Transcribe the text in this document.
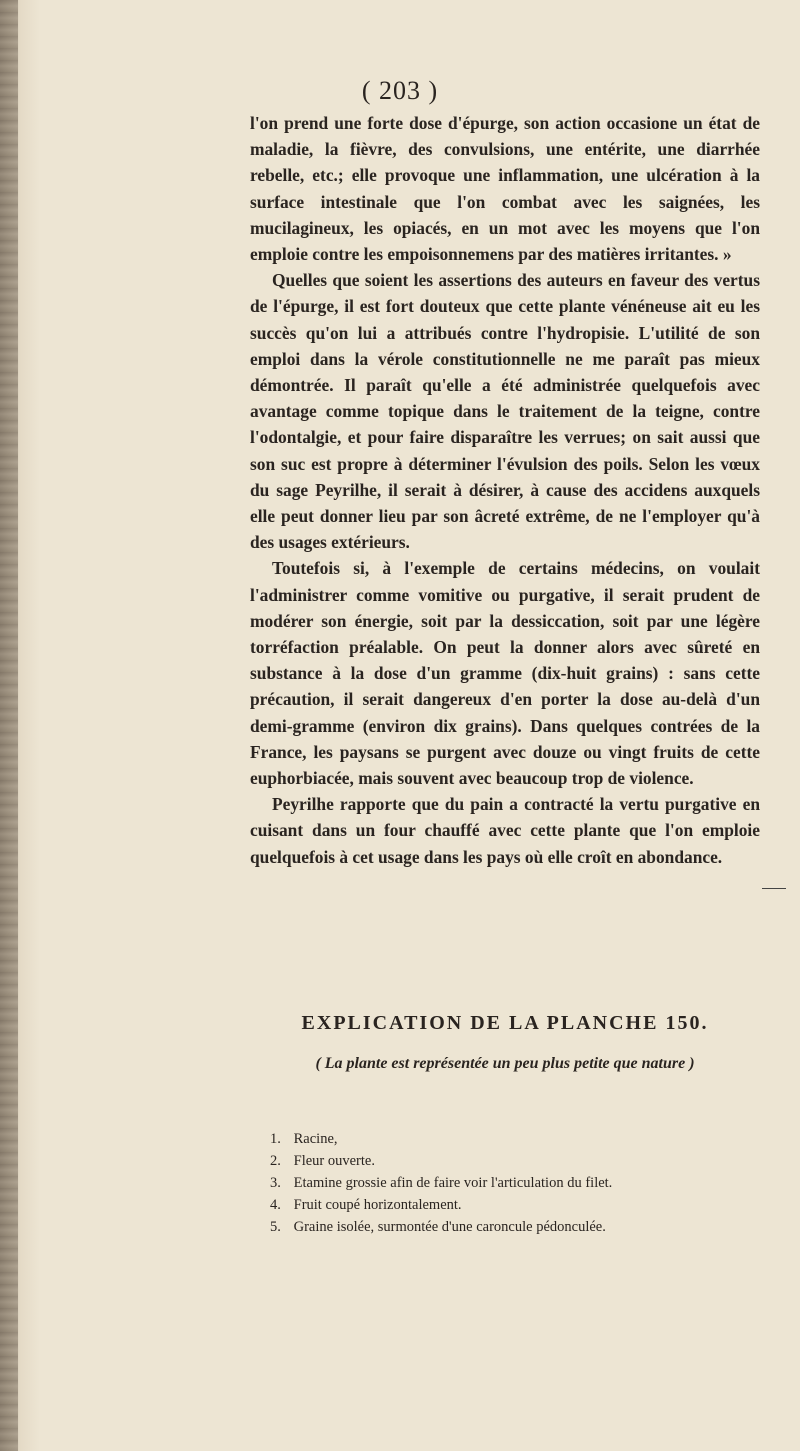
( 203 )

l'on prend une forte dose d'épurge, son action occasione un état de maladie, la fièvre, des convulsions, une entérite, une diarrhée rebelle, etc.; elle provoque une inflammation, une ulcération à la surface intestinale que l'on combat avec les saignées, les mucilagineux, les opiacés, en un mot avec les moyens que l'on emploie contre les empoisonnemens par des matières irritantes. »

Quelles que soient les assertions des auteurs en faveur des vertus de l'épurge, il est fort douteux que cette plante vénéneuse ait eu les succès qu'on lui a attribués contre l'hydropisie. L'utilité de son emploi dans la vérole constitutionnelle ne me paraît pas mieux démontrée. Il paraît qu'elle a été administrée quelquefois avec avantage comme topique dans le traitement de la teigne, contre l'odontalgie, et pour faire disparaître les verrues; on sait aussi que son suc est propre à déterminer l'évulsion des poils. Selon les vœux du sage Peyrilhe, il serait à désirer, à cause des accidens auxquels elle peut donner lieu par son âcreté extrême, de ne l'employer qu'à des usages extérieurs.

Toutefois si, à l'exemple de certains médecins, on voulait l'administrer comme vomitive ou purgative, il serait prudent de modérer son énergie, soit par la dessiccation, soit par une légère torréfaction préalable. On peut la donner alors avec sûreté en substance à la dose d'un gramme (dix-huit grains) : sans cette précaution, il serait dangereux d'en porter la dose au-delà d'un demi-gramme (environ dix grains). Dans quelques contrées de la France, les paysans se purgent avec douze ou vingt fruits de cette euphorbiacée, mais souvent avec beaucoup trop de violence.

Peyrilhe rapporte que du pain a contracté la vertu purgative en cuisant dans un four chauffé avec cette plante que l'on emploie quelquefois à cet usage dans les pays où elle croît en abondance.

EXPLICATION DE LA PLANCHE 150.
( La plante est représentée un peu plus petite que nature )
1. Racine,
2. Fleur ouverte.
3. Etamine grossie afin de faire voir l'articulation du filet.
4. Fruit coupé horizontalement.
5. Graine isolée, surmontée d'une caroncule pédonculée.
